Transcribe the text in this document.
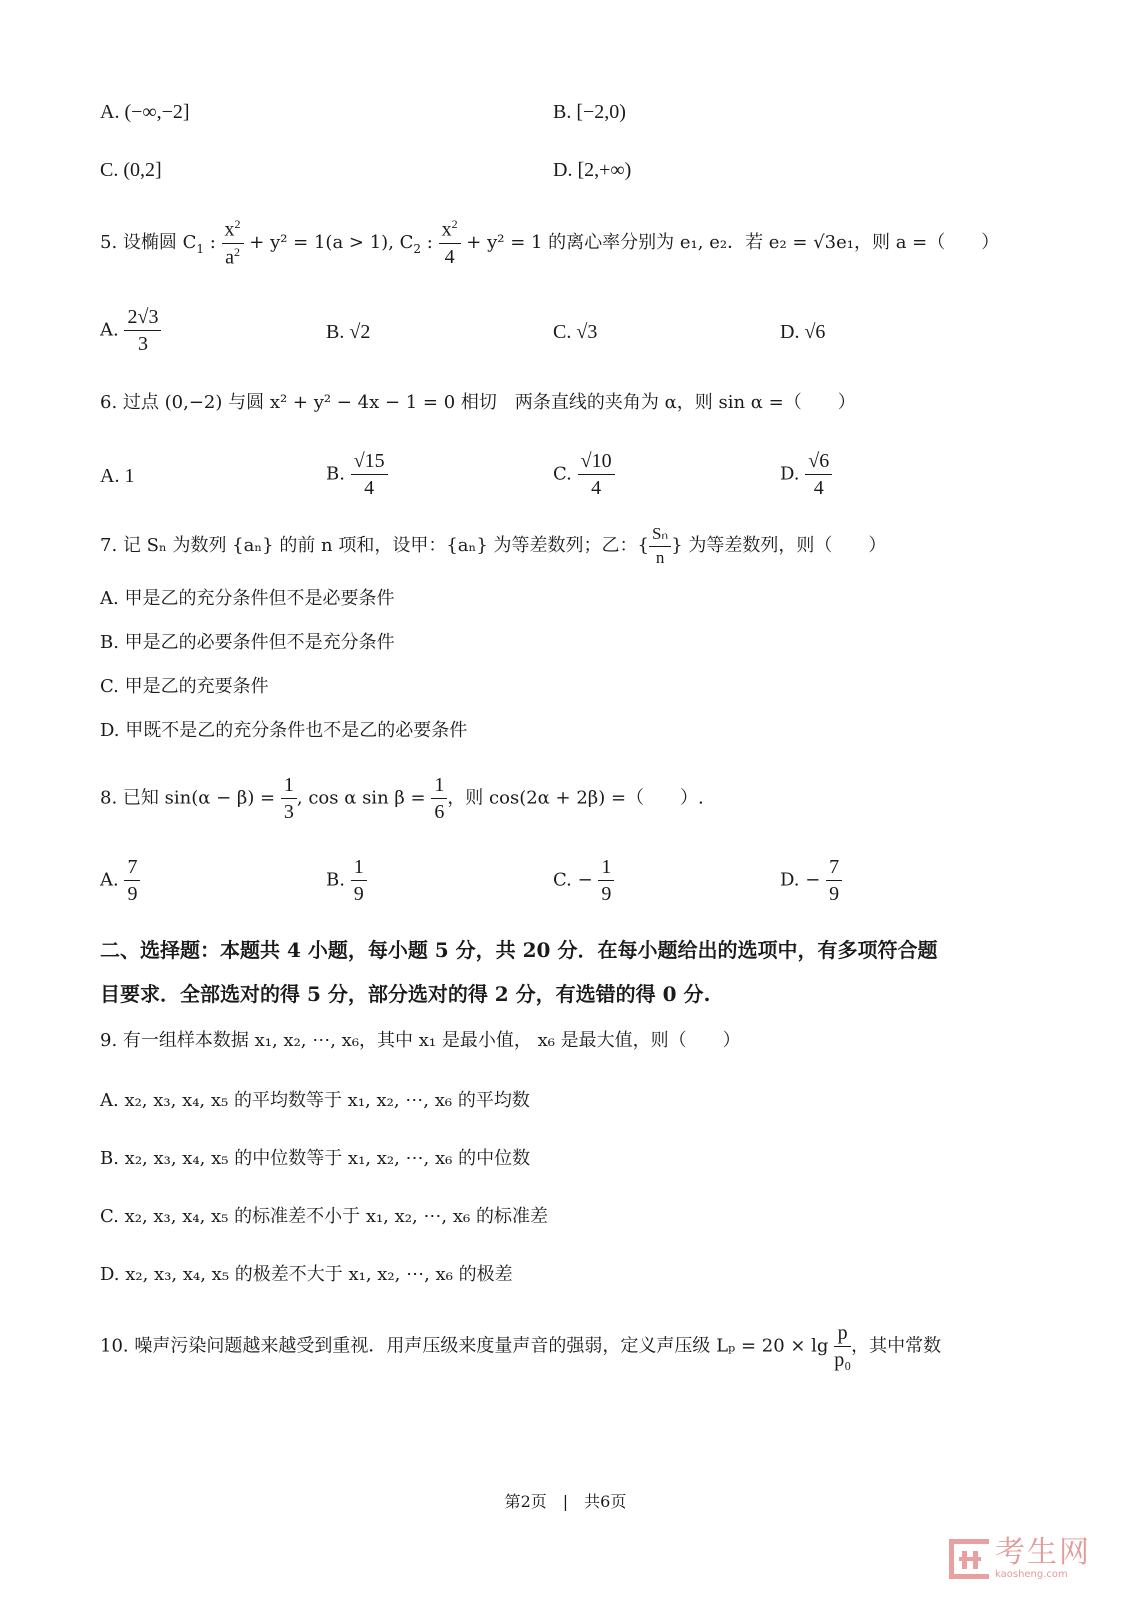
A. (−∞,−2]	B. [−2,0)
C. (0,2]	D. [2,+∞)
5. 设椭圆 $C_1$ : $\frac{x^2}{a^2} + y^2 = 1(a > 1)$, $C_2$ : $\frac{x^2}{4} + y^2 = 1$ 的离心率分别为 e₁, e₂．若 e₂ = √3e₁，则 a =（　　）
A. $\frac{2√3}{3}$	B. √2	C. √3	D. √6
6. 过点 (0,−2) 与圆 x² + y² − 4x − 1 = 0 相切　两条直线的夹角为 α，则 sin α =（　　）
A. 1	B. $\frac{√15}{4}$	C. $\frac{√10}{4}$	D. $\frac{√6}{4}$
7. 记 Sₙ 为数列 {aₙ} 的前 n 项和，设甲：{aₙ} 为等差数列；乙：{ $\frac{\text{Sₙ}}{n}$ } 为等差数列，则（　　）
A. 甲是乙的充分条件但不是必要条件
B. 甲是乙的必要条件但不是充分条件
C. 甲是乙的充要条件
D. 甲既不是乙的充分条件也不是乙的必要条件
8. 已知 $\sin(\alpha - \beta) = \frac{1}{3}$ , cos α $\sin \beta = \frac{1}{6}$ ，则 cos(2α + 2β) =（　　）.
A. $\frac{7}{9}$	B. $\frac{1}{9}$	C. − $\frac{1}{9}$	D. − $\frac{7}{9}$
二、选择题：本题共 4 小题，每小题 5 分，共 20 分．在每小题给出的选项中，有多项符合题
目要求．全部选对的得 5 分，部分选对的得 2 分，有选错的得 0 分.
9. 有一组样本数据 x₁, x₂, ⋯, x₆，其中 x₁ 是最小值， x₆ 是最大值，则（　　）
A. x₂, x₃, x₄, x₅ 的平均数等于 x₁, x₂, ⋯, x₆ 的平均数
B. x₂, x₃, x₄, x₅ 的中位数等于 x₁, x₂, ⋯, x₆ 的中位数
C. x₂, x₃, x₄, x₅ 的标准差不小于 x₁, x₂, ⋯, x₆ 的标准差
D. x₂, x₃, x₄, x₅ 的极差不大于 x₁, x₂, ⋯, x₆ 的极差
10. 噪声污染问题越来越受到重视．用声压级来度量声音的强弱，定义声压级 $L_p = 20 \times \lg \frac{p}{\text{p₀}}$ ，其中常数
第2页　|　共6页
考生网
kaosheng.com
